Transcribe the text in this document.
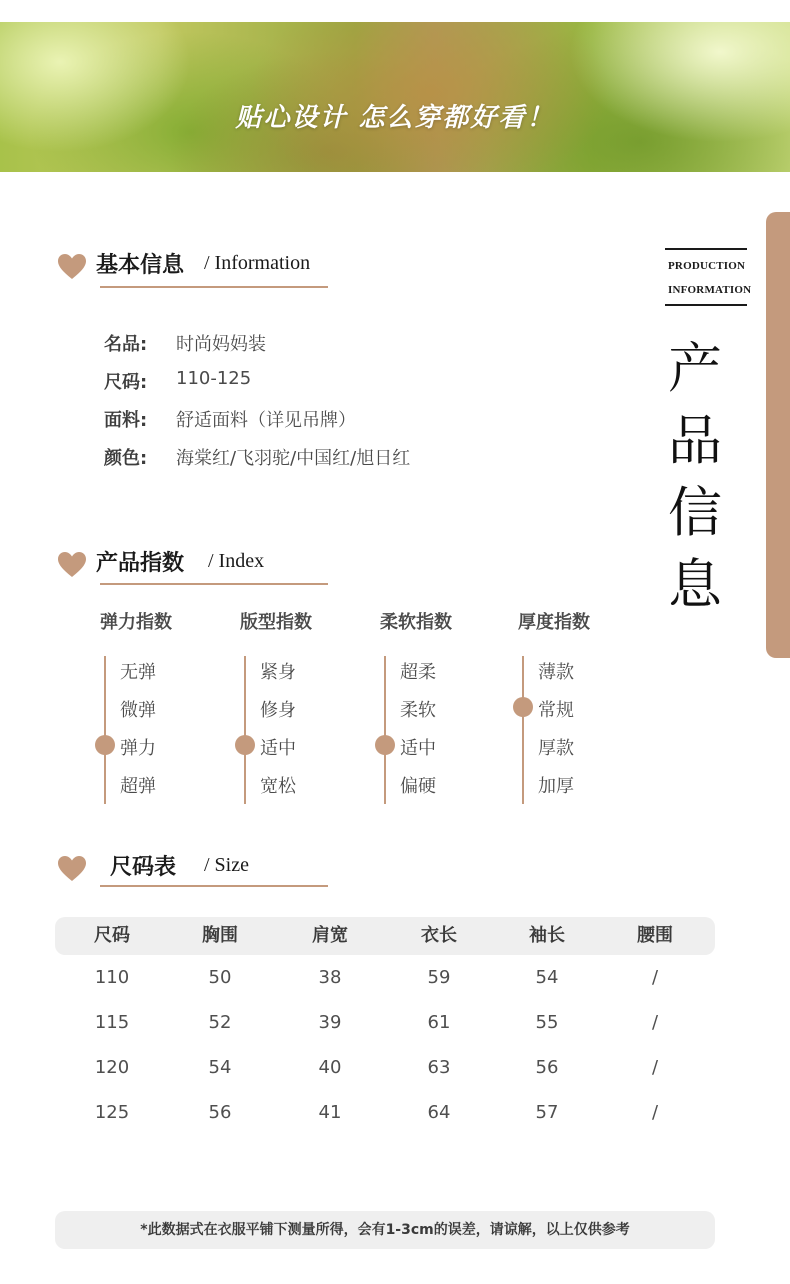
贴心设计 怎么穿都好看！
PRODUCTION
INFORMATION
产
品
信
息
基本信息 / Information
名品: 时尚妈妈装
尺码: 110-125
面料: 舒适面料（详见吊牌）
颜色: 海棠红/飞羽驼/中国红/旭日红
产品指数 / Index
弹力指数
无弹
微弹
弹力
超弹
版型指数
紧身
修身
适中
宽松
柔软指数
超柔
柔软
适中
偏硬
厚度指数
薄款
常规
厚款
加厚
尺码表 / Size
尺码	胸围	肩宽	衣长	袖长	腰围
110	50	38	59	54	/
115	52	39	61	55	/
120	54	40	63	56	/
125	56	41	64	57	/
*此数据式在衣服平铺下测量所得，会有1-3cm的误差，请谅解，以上仅供参考
